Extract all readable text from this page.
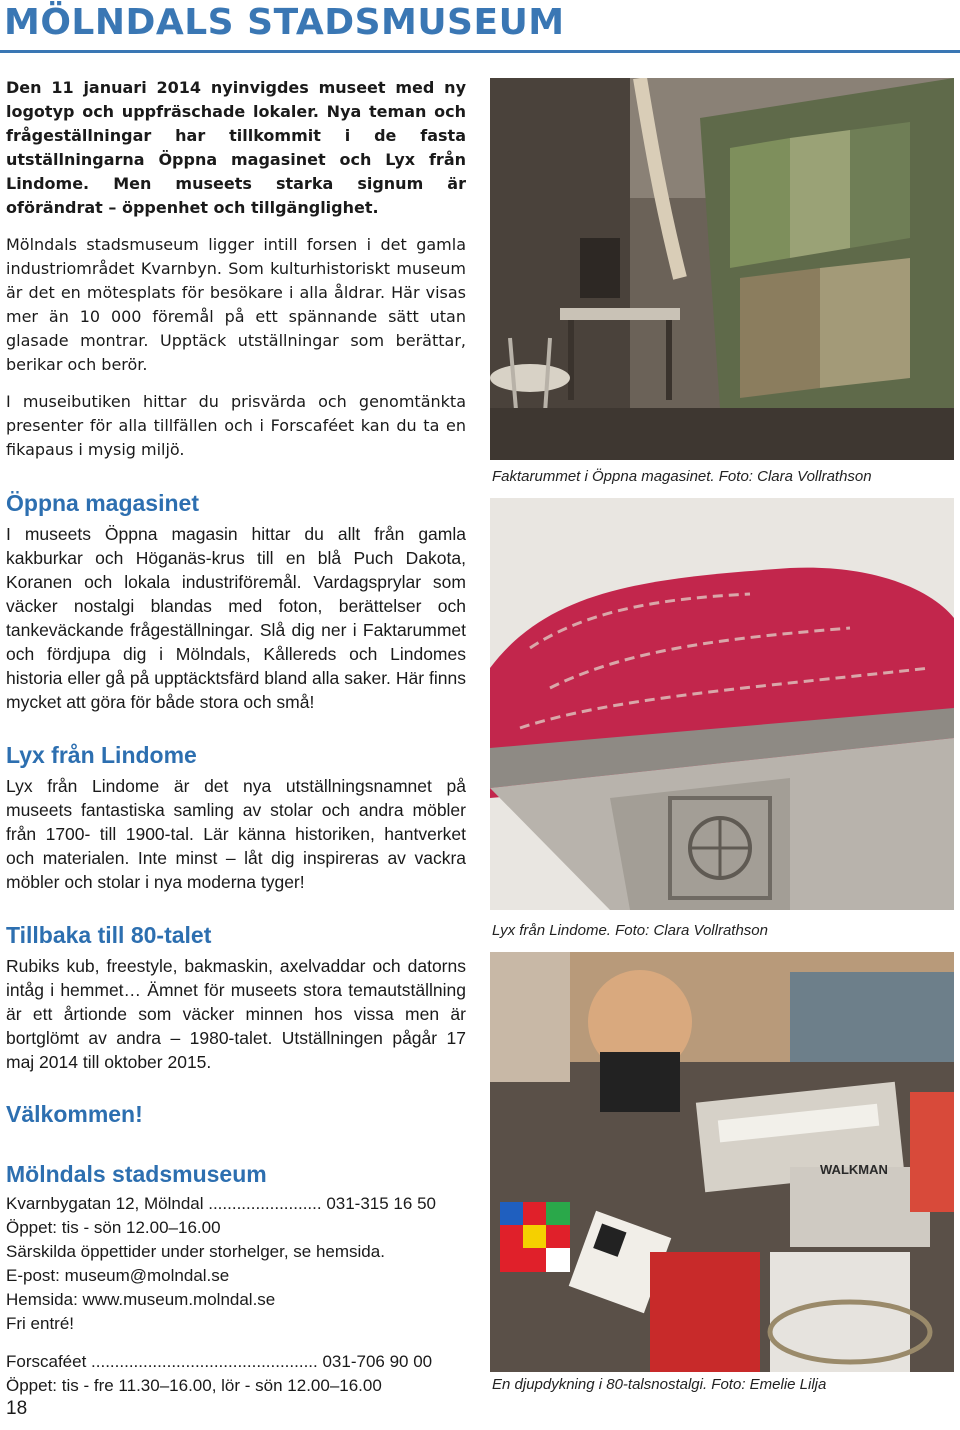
MÖLNDALS STADSMUSEUM

Den 11 januari 2014 nyinvigdes museet med ny logotyp och uppfräschade lokaler. Nya teman och frågeställningar har tillkommit i de fasta utställningarna Öppna magasinet och Lyx från Lindome. Men museets starka signum är oförändrat – öppenhet och tillgänglighet.

Mölndals stadsmuseum ligger intill forsen i det gamla industriområdet Kvarnbyn. Som kulturhistoriskt museum är det en mötesplats för besökare i alla åldrar. Här visas mer än 10 000 föremål på ett spännande sätt utan glasade montrar. Upptäck utställningar som berättar, berikar och berör.

I museibutiken hittar du prisvärda och genomtänkta presenter för alla tillfällen och i Forscaféet kan du ta en fikapaus i mysig miljö.

Öppna magasinet

I museets Öppna magasin hittar du allt från gamla kakburkar och Höganäs-krus till en blå Puch Dakota, Koranen och lokala industriföremål. Vardagsprylar som väcker nostalgi blandas med foton, berättelser och tankeväckande frågeställningar. Slå dig ner i Faktarummet och fördjupa dig i Mölndals, Kållereds och Lindomes historia eller gå på upptäcktsfärd bland alla saker. Här finns mycket att göra för både stora och små!

Lyx från Lindome

Lyx från Lindome är det nya utställningsnamnet på museets fantastiska samling av stolar och andra möbler från 1700- till 1900-tal. Lär känna historiken, hantverket och materialen. Inte minst – låt dig inspireras av vackra möbler och stolar i nya moderna tyger!

Tillbaka till 80-talet

Rubiks kub, freestyle, bakmaskin, axelvaddar och datorns intåg i hemmet… Ämnet för museets stora temautställning är ett årtionde som väcker minnen hos vissa men är bortglömt av andra – 1980-talet. Utställningen pågår 17 maj 2014 till oktober 2015.

Välkommen!
Mölndals stadsmuseum
Kvarnbygatan 12, Mölndal ........................ 031-315 16 50
Öppet: tis - sön 12.00–16.00
Särskilda öppettider under storhelger, se hemsida.
E-post: museum@molndal.se
Hemsida: www.museum.molndal.se
Fri entré!
Forscaféet ................................................ 031-706 90 00
Öppet: tis - fre 11.30–16.00, lör - sön 12.00–16.00
18
Faktarummet i Öppna magasinet. Foto: Clara Vollrathson
Lyx från Lindome. Foto: Clara Vollrathson
WALKMAN
En djupdykning i 80-talsnostalgi. Foto: Emelie Lilja
